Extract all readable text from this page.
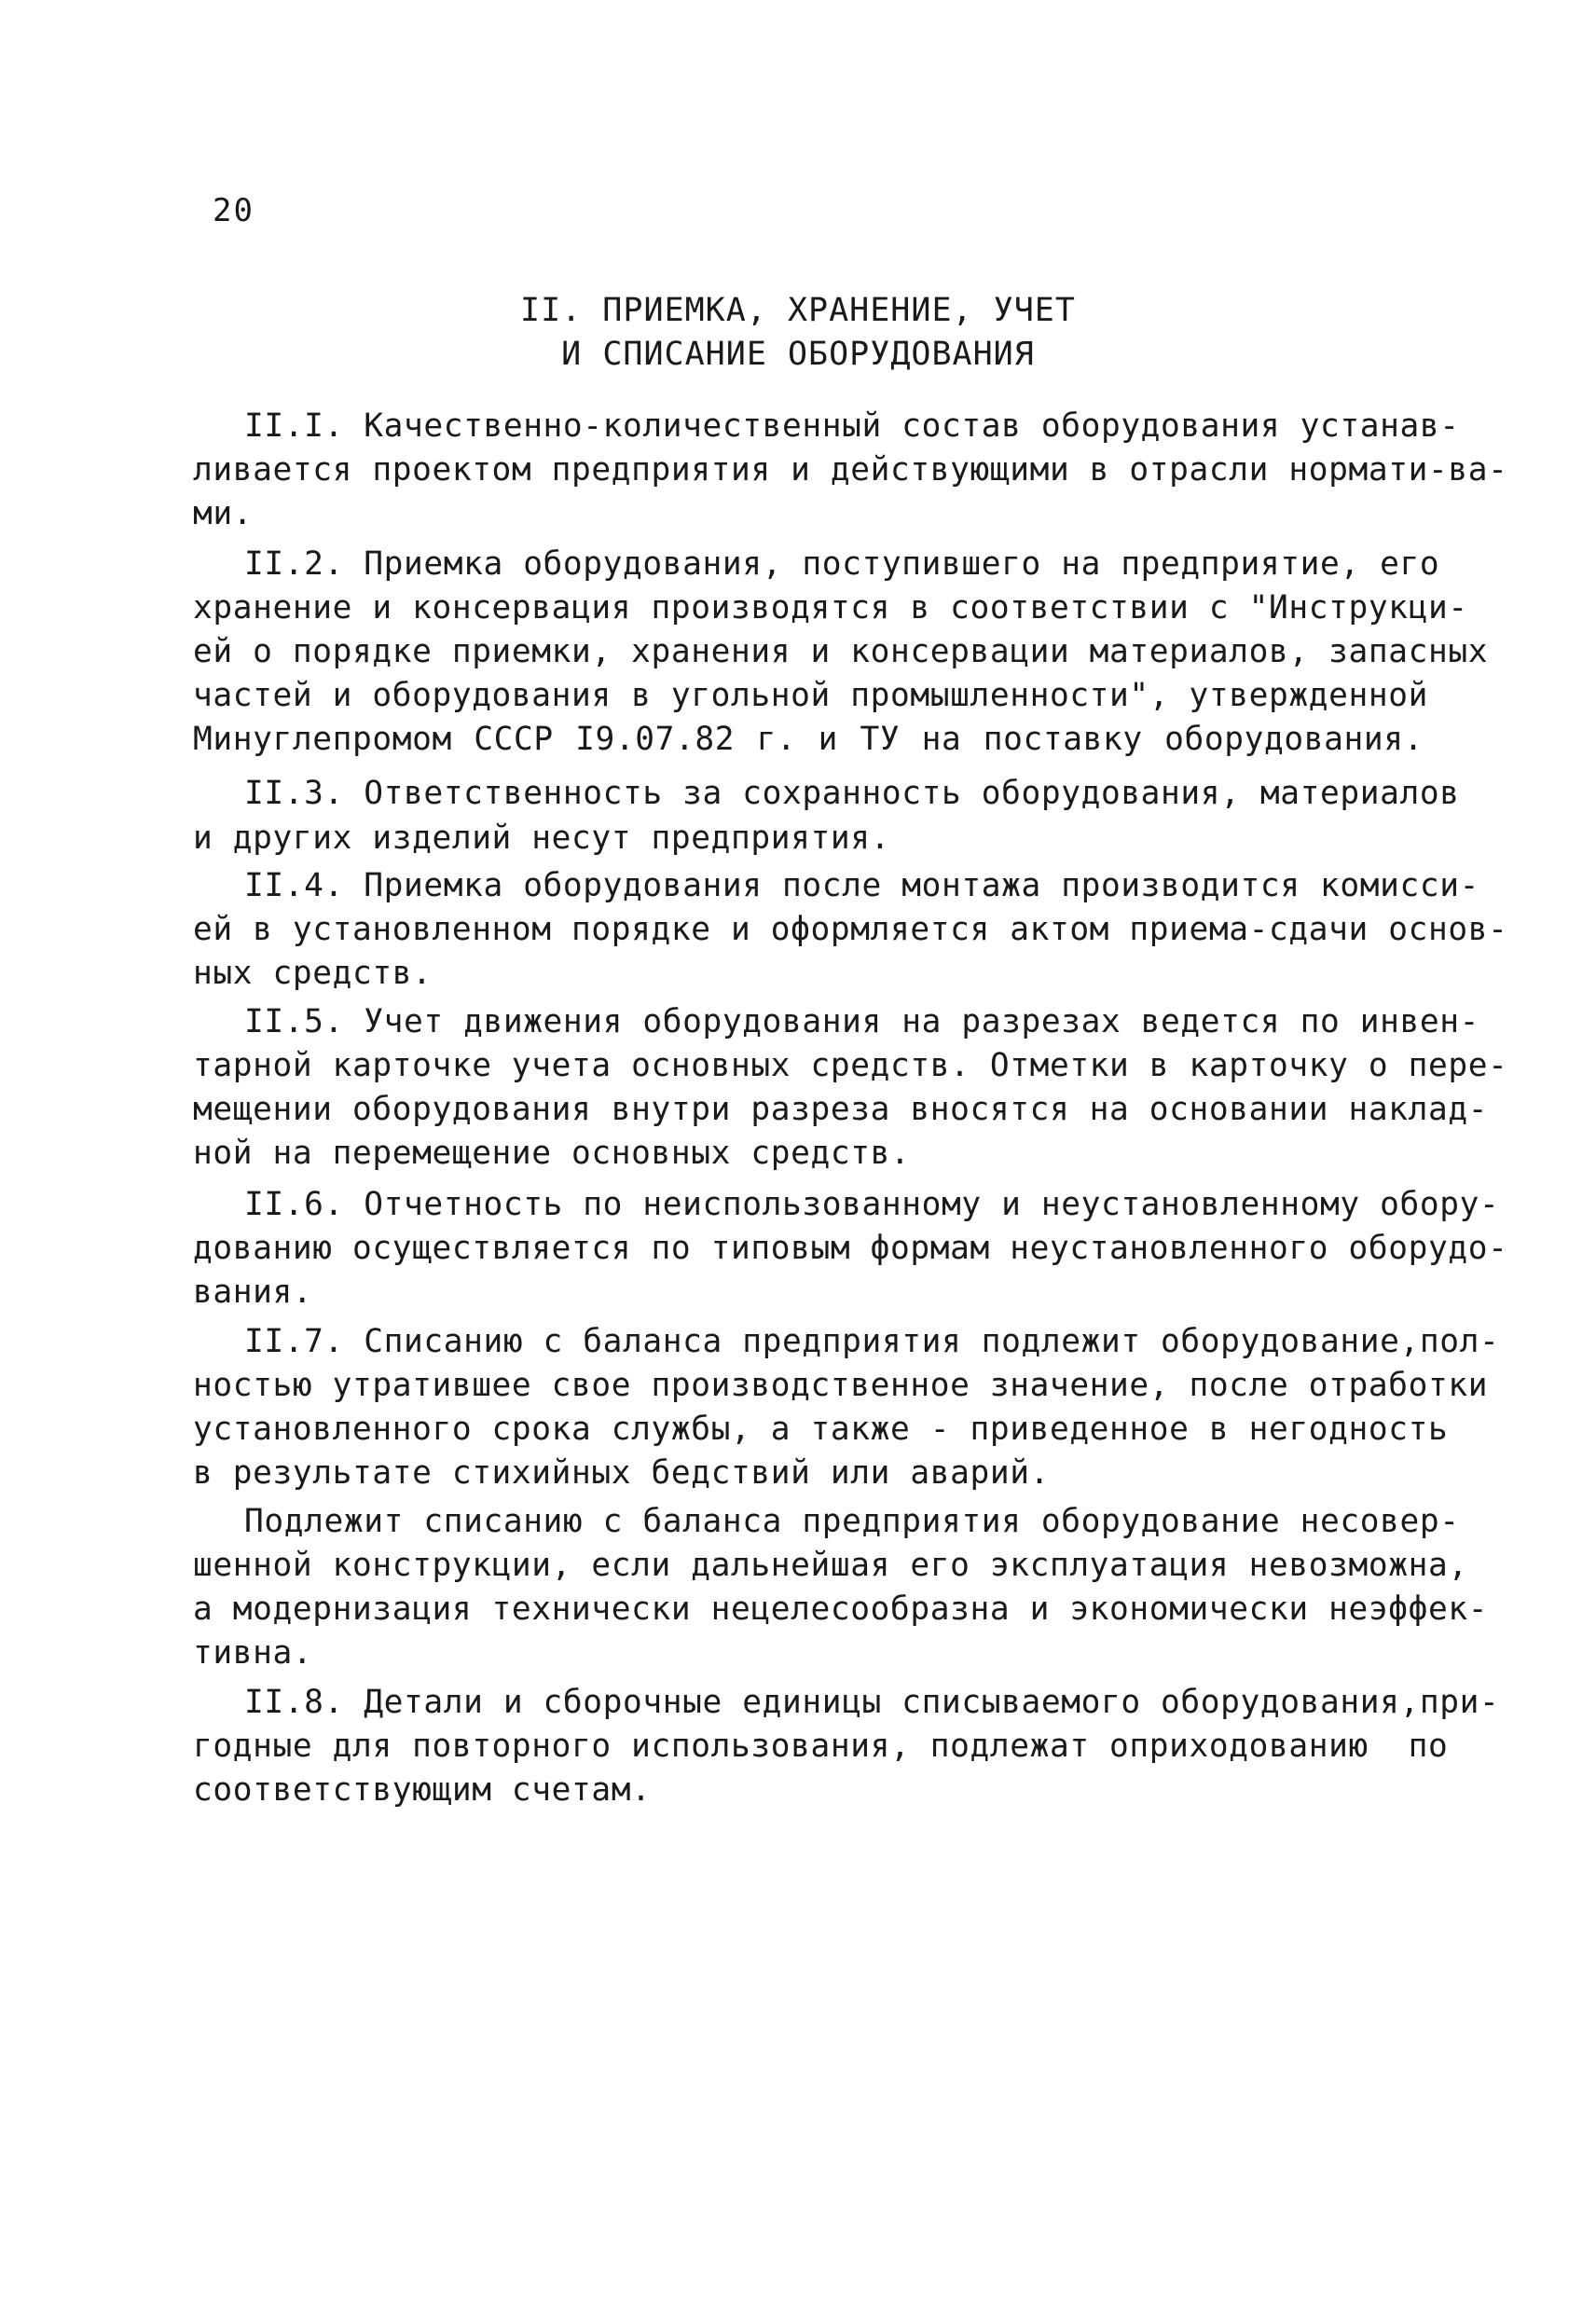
20
II. ПРИЕМКА, ХРАНЕНИЕ, УЧЕТ
И СПИСАНИЕ ОБОРУДОВАНИЯ
II.I. Качественно-количественный состав оборудования устанав-
ливается проектом предприятия и действующими в отрасли нормати-ва-
ми.
II.2. Приемка оборудования, поступившего на предприятие, его
хранение и консервация производятся в соответствии с "Инструкци-
ей о порядке приемки, хранения и консервации материалов, запасных
частей и оборудования в угольной промышленности", утвержденной
Минуглепромом СССР I9.07.82 г. и ТУ на поставку оборудования.
II.3. Ответственность за сохранность оборудования, материалов
и других изделий несут предприятия.
II.4. Приемка оборудования после монтажа производится комисси-
ей в установленном порядке и оформляется актом приема-сдачи основ-
ных средств.
II.5. Учет движения оборудования на разрезах ведется по инвен-
тарной карточке учета основных средств. Отметки в карточку о пере-
мещении оборудования внутри разреза вносятся на основании наклад-
ной на перемещение основных средств.
II.6. Отчетность по неиспользованному и неустановленному обору-
дованию осуществляется по типовым формам неустановленного оборудо-
вания.
II.7. Списанию с баланса предприятия подлежит оборудование,пол-
ностью утратившее свое производственное значение, после отработки
установленного срока службы, а также - приведенное в негодность
в результате стихийных бедствий или аварий.
Подлежит списанию с баланса предприятия оборудование несовер-
шенной конструкции, если дальнейшая его эксплуатация невозможна,
а модернизация технически нецелесообразна и экономически неэффек-
тивна.
II.8. Детали и сборочные единицы списываемого оборудования,при-
годные для повторного использования, подлежат оприходованию  по
соответствующим счетам.
